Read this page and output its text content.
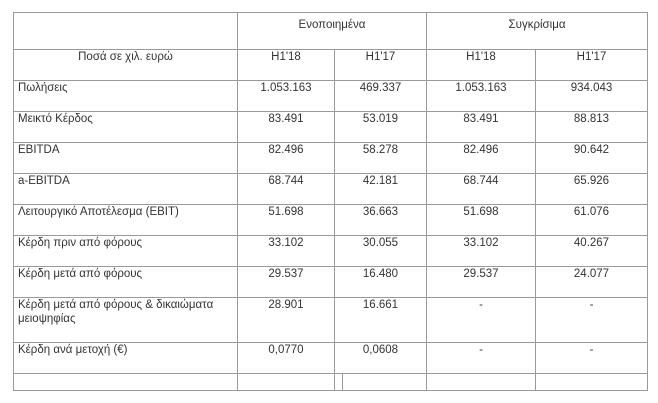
	Ενοποιημένα			Συγκρίσιμα	
Ποσά σε χιλ. ευρώ	H1'18	H1'17		H1'18	H1'17
Πωλήσεις	1.053.163	469.337		1.053.163	934.043
Μεικτό Κέρδος	83.491	53.019		83.491	88.813
EBITDA	82.496	58.278		82.496	90.642
a-EBITDA	68.744	42.181		68.744	65.926
Λειτουργικό Αποτέλεσμα (EBIT)	51.698	36.663		51.698	61.076
Κέρδη πριν από φόρους	33.102	30.055		33.102	40.267
Κέρδη μετά από φόρους	29.537	16.480		29.537	24.077
Κέρδη μετά από φόρους & δικαιώματα μειοψηφίας	28.901	16.661		-	-
Κέρδη ανά μετοχή (€)	0,0770	0,0608		-	-
